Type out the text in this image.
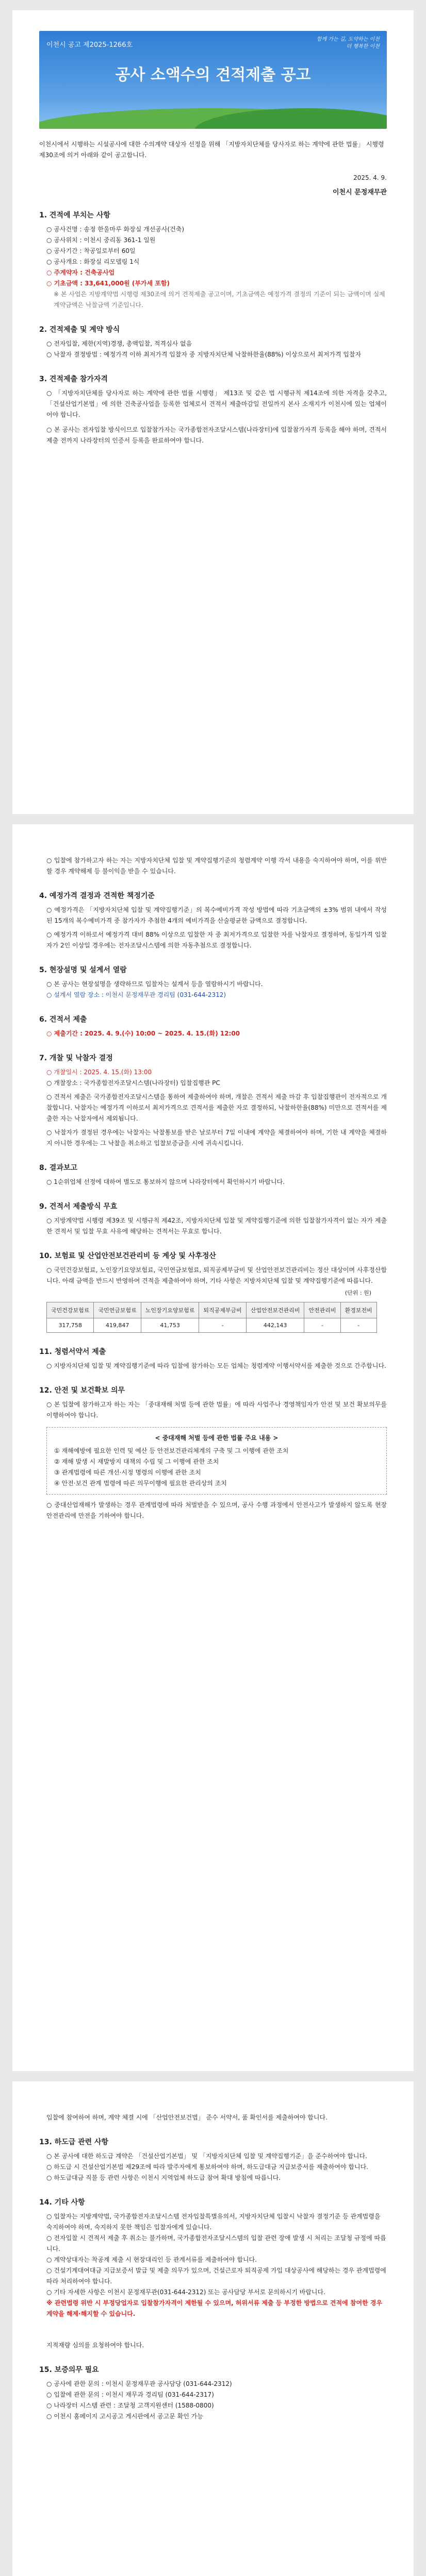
이천시 공고 제2025-1266호
함께 가는 길, 도약하는 이천
더 행복한 이천
공사 소액수의 견적제출 공고

이천시에서 시행하는 시설공사에 대한 수의계약 대상자 선정을 위해 「지방자치단체를 당사자로 하는 계약에 관한 법률」 시행령 제30조에 의거 아래와 같이 공고합니다.

2025. 4. 9.
이천시 문정재무관
1. 견적에 부치는 사항
○ 공사건명 : 송정 한울마루 화장실 개선공사(건축)
○ 공사위치 : 이천시 중리동 361-1 일원
○ 공사기간 : 착공일로부터 60일
○ 공사개요 : 화장실 리모델링 1식
○ 주계약자 : 건축공사업
○ 기초금액 : 33,641,000원 (부가세 포함)
※ 본 사업은 지방계약법 시행령 제30조에 의거 견적제출 공고이며, 기초금액은 예정가격 결정의 기준이 되는 금액이며 실제 계약금액은 낙찰금액 기준입니다.
2. 견적제출 및 계약 방식
○ 전자입찰, 제한(지역)경쟁, 총액입찰, 적격심사 없음
○ 낙찰자 결정방법 : 예정가격 이하 최저가격 입찰자 중 지방자치단체 낙찰하한율(88%) 이상으로서 최저가격 입찰자
3. 견적제출 참가자격

○ 「지방자치단체를 당사자로 하는 계약에 관한 법률 시행령」 제13조 및 같은 법 시행규칙 제14조에 의한 자격을 갖추고, 「건설산업기본법」에 의한 건축공사업을 등록한 업체로서 견적서 제출마감일 전일까지 본사 소재지가 이천시에 있는 업체이어야 합니다.

○ 본 공사는 전자입찰 방식이므로 입찰참가자는 국가종합전자조달시스템(나라장터)에 입찰참가자격 등록을 해야 하며, 견적서 제출 전까지 나라장터의 인증서 등록을 완료하여야 합니다.

○ 입찰에 참가하고자 하는 자는 지방자치단체 입찰 및 계약집행기준의 청렴계약 이행 각서 내용을 숙지하여야 하며, 이를 위반할 경우 계약해제 등 불이익을 받을 수 있습니다.

4. 예정가격 결정과 견적한 책정기준

○ 예정가격은 「지방자치단체 입찰 및 계약집행기준」의 복수예비가격 작성 방법에 따라 기초금액의 ±3% 범위 내에서 작성된 15개의 복수예비가격 중 참가자가 추첨한 4개의 예비가격을 산술평균한 금액으로 결정합니다.

○ 예정가격 이하로서 예정가격 대비 88% 이상으로 입찰한 자 중 최저가격으로 입찰한 자를 낙찰자로 결정하며, 동일가격 입찰자가 2인 이상일 경우에는 전자조달시스템에 의한 자동추첨으로 결정합니다.

5. 현장설명 및 설계서 열람
○ 본 공사는 현장설명을 생략하므로 입찰자는 설계서 등을 열람하시기 바랍니다.
○ 설계서 열람 장소 : 이천시 문정재무관 경리팀 (031-644-2312)
6. 견적서 제출
○ 제출기간 : 2025. 4. 9.(수) 10:00 ~ 2025. 4. 15.(화) 12:00
7. 개찰 및 낙찰자 결정
○ 개찰일시 : 2025. 4. 15.(화) 13:00
○ 개찰장소 : 국가종합전자조달시스템(나라장터) 입찰집행관 PC

○ 견적서 제출은 국가종합전자조달시스템을 통하여 제출하여야 하며, 개찰은 견적서 제출 마감 후 입찰집행관이 전자적으로 개찰합니다. 낙찰자는 예정가격 이하로서 최저가격으로 견적서를 제출한 자로 결정하되, 낙찰하한율(88%) 미만으로 견적서를 제출한 자는 낙찰자에서 제외됩니다.

○ 낙찰자가 결정된 경우에는 낙찰자는 낙찰통보를 받은 날로부터 7일 이내에 계약을 체결하여야 하며, 기한 내 계약을 체결하지 아니한 경우에는 그 낙찰을 취소하고 입찰보증금을 시에 귀속시킵니다.

8. 결과보고

○ 1순위업체 선정에 대하여 별도로 통보하지 않으며 나라장터에서 확인하시기 바랍니다.

9. 견적서 제출방식 무효

○ 지방계약법 시행령 제39조 및 시행규칙 제42조, 지방자치단체 입찰 및 계약집행기준에 의한 입찰참가자격이 없는 자가 제출한 견적서 및 입찰 무효 사유에 해당하는 견적서는 무효로 합니다.

10. 보험료 및 산업안전보건관리비 등 계상 및 사후정산

○ 국민건강보험료, 노인장기요양보험료, 국민연금보험료, 퇴직공제부금비 및 산업안전보건관리비는 정산 대상이며 사후정산합니다. 아래 금액을 반드시 반영하여 견적을 제출하여야 하며, 기타 사항은 지방자치단체 입찰 및 계약집행기준에 따릅니다.

(단위 : 원)
국민건강보험료	국민연금보험료	노인장기요양보험료	퇴직공제부금비	산업안전보건관리비	안전관리비	환경보전비
317,758	419,847	41,753	-	442,143	-	-
11. 청렴서약서 제출

○ 지방자치단체 입찰 및 계약집행기준에 따라 입찰에 참가하는 모든 업체는 청렴계약 이행서약서를 제출한 것으로 간주합니다.

12. 안전 및 보건확보 의무

○ 본 입찰에 참가하고자 하는 자는 「중대재해 처벌 등에 관한 법률」에 따라 사업주나 경영책임자가 안전 및 보건 확보의무를 이행하여야 합니다.

< 중대재해 처벌 등에 관한 법률 주요 내용 >
① 재해예방에 필요한 인력 및 예산 등 안전보건관리체계의 구축 및 그 이행에 관한 조치
② 재해 발생 시 재발방지 대책의 수립 및 그 이행에 관한 조치
③ 관계법령에 따른 개선·시정 명령의 이행에 관한 조치
④ 안전·보건 관계 법령에 따른 의무이행에 필요한 관리상의 조치

○ 중대산업재해가 발생하는 경우 관계법령에 따라 처벌받을 수 있으며, 공사 수행 과정에서 안전사고가 발생하지 않도록 현장 안전관리에 만전을 기하여야 합니다.

입찰에 참여하여 하며, 계약 체결 시에 「산업안전보건법」 준수 서약서, 품 확인서를 제출하여야 합니다.

13. 하도급 관련 사항
○ 본 공사에 대한 하도급 계약은 「건설산업기본법」 및 「지방자치단체 입찰 및 계약집행기준」을 준수하여야 합니다.
○ 하도급 시 건설산업기본법 제29조에 따라 발주자에게 통보하여야 하며, 하도급대금 지급보증서를 제출하여야 합니다.
○ 하도급대금 직불 등 관련 사항은 이천시 지역업체 하도급 참여 확대 방침에 따릅니다.
14. 기타 사항
○ 입찰자는 지방계약법, 국가종합전자조달시스템 전자입찰특별유의서, 지방자치단체 입찰시 낙찰자 결정기준 등 관계법령을 숙지하여야 하며, 숙지하지 못한 책임은 입찰자에게 있습니다.
○ 전자입찰 시 견적서 제출 후 취소는 불가하며, 국가종합전자조달시스템의 입찰 관련 장애 발생 시 처리는 조달청 규정에 따릅니다.
○ 계약상대자는 착공계 제출 시 현장대리인 등 관계서류를 제출하여야 합니다.
○ 건설기계대여대금 지급보증서 발급 및 제출 의무가 있으며, 건설근로자 퇴직공제 가입 대상공사에 해당하는 경우 관계법령에 따라 처리하여야 합니다.
○ 기타 자세한 사항은 이천시 문정재무관(031-644-2312) 또는 공사담당 부서로 문의하시기 바랍니다.
※ 관련법령 위반 시 부정당업자로 입찰참가자격이 제한될 수 있으며, 허위서류 제출 등 부정한 방법으로 견적에 참여한 경우 계약을 해제·해지할 수 있습니다.
지적재량 심의를 요청하여야 합니다.
15. 보증의무 필요
○ 공사에 관한 문의 : 이천시 문정재무관 공사담당 (031-644-2312)
○ 입찰에 관한 문의 : 이천시 재무과 경리팀 (031-644-2317)
○ 나라장터 시스템 관련 : 조달청 고객지원센터 (1588-0800)
○ 이천시 홈페이지 고시공고 게시판에서 공고문 확인 가능
